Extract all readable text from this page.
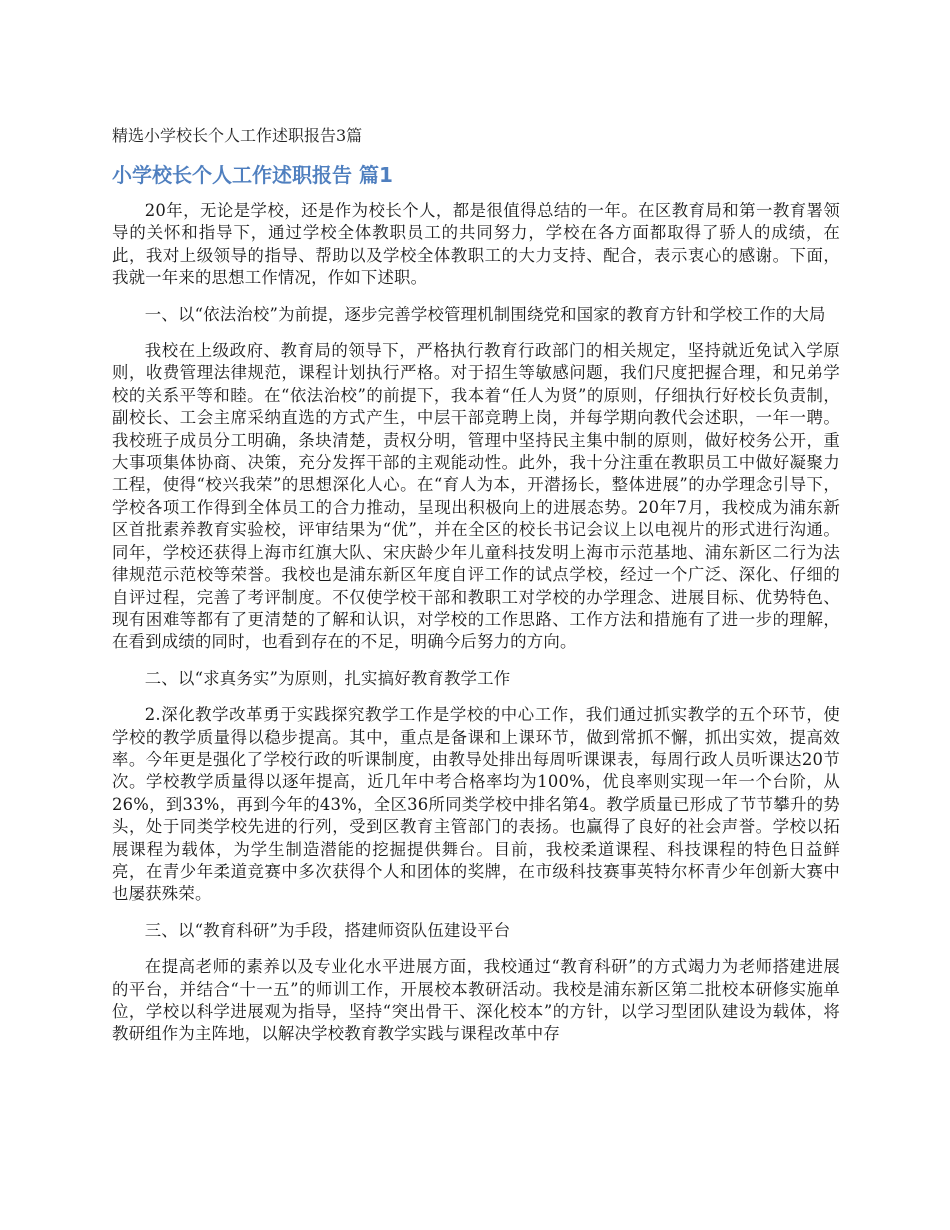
精选小学校长个人工作述职报告3篇
小学校长个人工作述职报告 篇1

20年，无论是学校，还是作为校长个人，都是很值得总结的一年。在区教育局和第一教育署领导的关怀和指导下，通过学校全体教职员工的共同努力，学校在各方面都取得了骄人的成绩，在此，我对上级领导的指导、帮助以及学校全体教职工的大力支持、配合，表示衷心的感谢。下面，我就一年来的思想工作情况，作如下述职。

一、以“依法治校”为前提，逐步完善学校管理机制围绕党和国家的教育方针和学校工作的大局

我校在上级政府、教育局的领导下，严格执行教育行政部门的相关规定，坚持就近免试入学原则，收费管理法律规范，课程计划执行严格。对于招生等敏感问题，我们尺度把握合理，和兄弟学校的关系平等和睦。在“依法治校”的前提下，我本着“任人为贤”的原则，仔细执行好校长负责制，副校长、工会主席采纳直选的方式产生，中层干部竞聘上岗，并每学期向教代会述职，一年一聘。我校班子成员分工明确，条块清楚，责权分明，管理中坚持民主集中制的原则，做好校务公开，重大事项集体协商、决策，充分发挥干部的主观能动性。此外，我十分注重在教职员工中做好凝聚力工程，使得“校兴我荣”的思想深化人心。在“育人为本，开潜扬长，整体进展”的办学理念引导下，学校各项工作得到全体员工的合力推动，呈现出积极向上的进展态势。20年7月，我校成为浦东新区首批素养教育实验校，评审结果为“优”，并在全区的校长书记会议上以电视片的形式进行沟通。同年，学校还获得上海市红旗大队、宋庆龄少年儿童科技发明上海市示范基地、浦东新区二行为法律规范示范校等荣誉。我校也是浦东新区年度自评工作的试点学校，经过一个广泛、深化、仔细的自评过程，完善了考评制度。不仅使学校干部和教职工对学校的办学理念、进展目标、优势特色、现有困难等都有了更清楚的了解和认识，对学校的工作思路、工作方法和措施有了进一步的理解，在看到成绩的同时，也看到存在的不足，明确今后努力的方向。

二、以“求真务实”为原则，扎实搞好教育教学工作

2.深化教学改革勇于实践探究教学工作是学校的中心工作，我们通过抓实教学的五个环节，使学校的教学质量得以稳步提高。其中，重点是备课和上课环节，做到常抓不懈，抓出实效，提高效率。今年更是强化了学校行政的听课制度，由教导处排出每周听课课表，每周行政人员听课达20节次。学校教学质量得以逐年提高，近几年中考合格率均为100%，优良率则实现一年一个台阶，从26%，到33%，再到今年的43%，全区36所同类学校中排名第4。教学质量已形成了节节攀升的势头，处于同类学校先进的行列，受到区教育主管部门的表扬。也赢得了良好的社会声誉。学校以拓展课程为载体，为学生制造潜能的挖掘提供舞台。目前，我校柔道课程、科技课程的特色日益鲜亮，在青少年柔道竞赛中多次获得个人和团体的奖牌，在市级科技赛事英特尔杯青少年创新大赛中也屡获殊荣。

三、以“教育科研”为手段，搭建师资队伍建设平台

在提高老师的素养以及专业化水平进展方面，我校通过“教育科研”的方式竭力为老师搭建进展的平台，并结合“十一五”的师训工作，开展校本教研活动。我校是浦东新区第二批校本研修实施单位，学校以科学进展观为指导，坚持“突出骨干、深化校本”的方针，以学习型团队建设为载体，将教研组作为主阵地，以解决学校教育教学实践与课程改革中存
